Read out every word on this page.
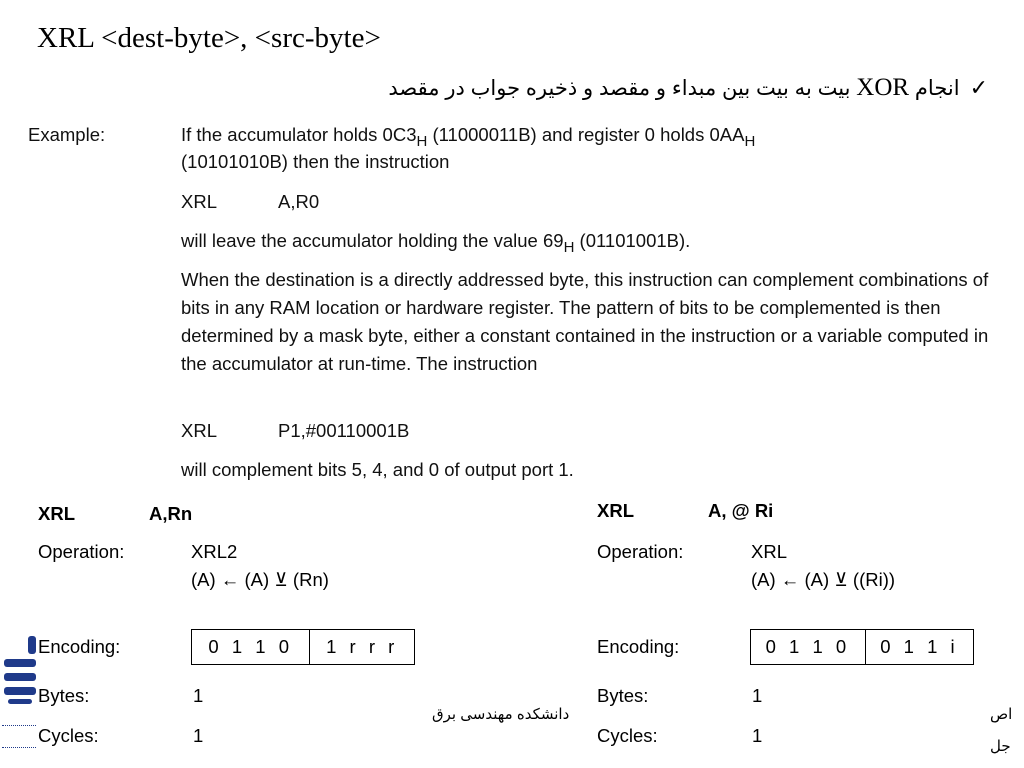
XRL <dest-byte>, <src-byte>
✓
انجام XOR بیت به بیت بین مبداء و مقصد و ذخیره جواب در مقصد
Example:	If the accumulator holds $0C3_H$ (11000011B) and register 0 holds $0AA_H$
(10101010B) then the instruction
XRL	A,R0
will leave the accumulator holding the value $69_H$ (01101001B).
When the destination is a directly addressed byte, this instruction can complement combinations of bits in any RAM location or hardware register. The pattern of bits to be complemented is then determined by a mask byte, either a constant contained in the instruction or a variable computed in the accumulator at run-time. The instruction
XRL	P1,#00110001B
will complement bits 5, 4, and 0 of output port 1.
XRL	A,Rn
Operation:	XRL2
(A) ← (A) ⊻ (Rn)
Encoding:	0 1 1 0	1 r r r
Bytes:	1
Cycles:	1
XRL	A, @ Ri
Operation:	XRL
(A) ← (A) ⊻ ((Ri))
Encoding:	0 1 1 0	0 1 1 i
Bytes:	1
Cycles:	1
دانشکده مهندسی برق	اص
جل
